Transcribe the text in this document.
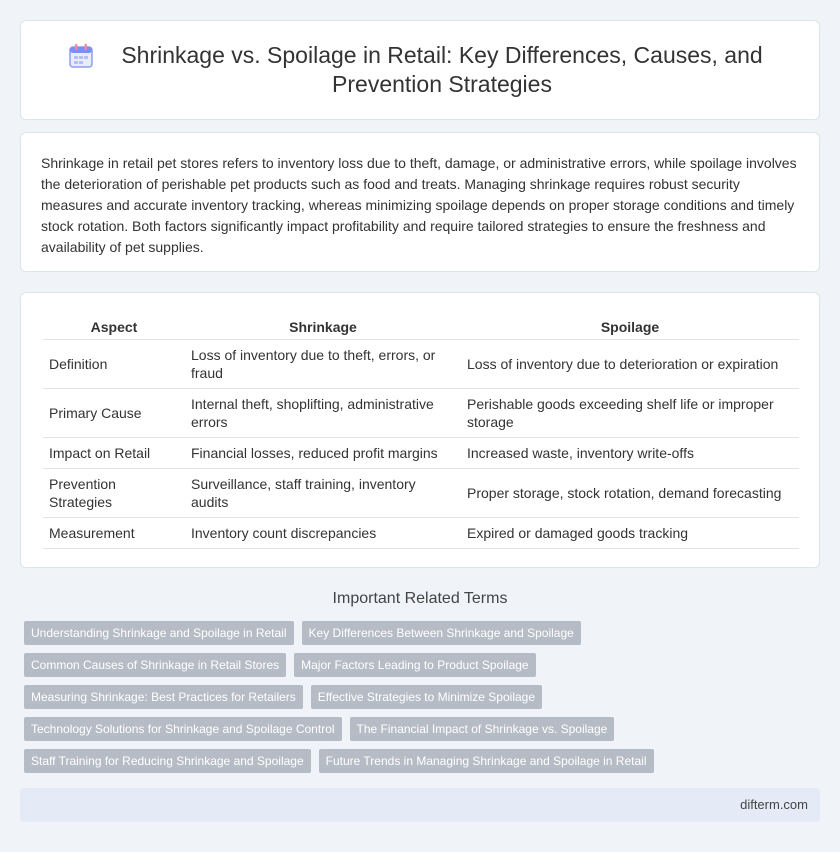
Shrinkage vs. Spoilage in Retail: Key Differences, Causes, and Prevention Strategies

Shrinkage in retail pet stores refers to inventory loss due to theft, damage, or administrative errors, while spoilage involves the deterioration of perishable pet products such as food and treats. Managing shrinkage requires robust security measures and accurate inventory tracking, whereas minimizing spoilage depends on proper storage conditions and timely stock rotation. Both factors significantly impact profitability and require tailored strategies to ensure the freshness and availability of pet supplies.

Aspect	Shrinkage	Spoilage
Definition	Loss of inventory due to theft, errors, or fraud	Loss of inventory due to deterioration or expiration
Primary Cause	Internal theft, shoplifting, administrative errors	Perishable goods exceeding shelf life or improper storage
Impact on Retail	Financial losses, reduced profit margins	Increased waste, inventory write-offs
Prevention Strategies	Surveillance, staff training, inventory audits	Proper storage, stock rotation, demand forecasting
Measurement	Inventory count discrepancies	Expired or damaged goods tracking
Important Related Terms
Understanding Shrinkage and Spoilage in Retail	Key Differences Between Shrinkage and Spoilage
Common Causes of Shrinkage in Retail Stores	Major Factors Leading to Product Spoilage
Measuring Shrinkage: Best Practices for Retailers	Effective Strategies to Minimize Spoilage
Technology Solutions for Shrinkage and Spoilage Control	The Financial Impact of Shrinkage vs. Spoilage
Staff Training for Reducing Shrinkage and Spoilage	Future Trends in Managing Shrinkage and Spoilage in Retail
difterm.com
